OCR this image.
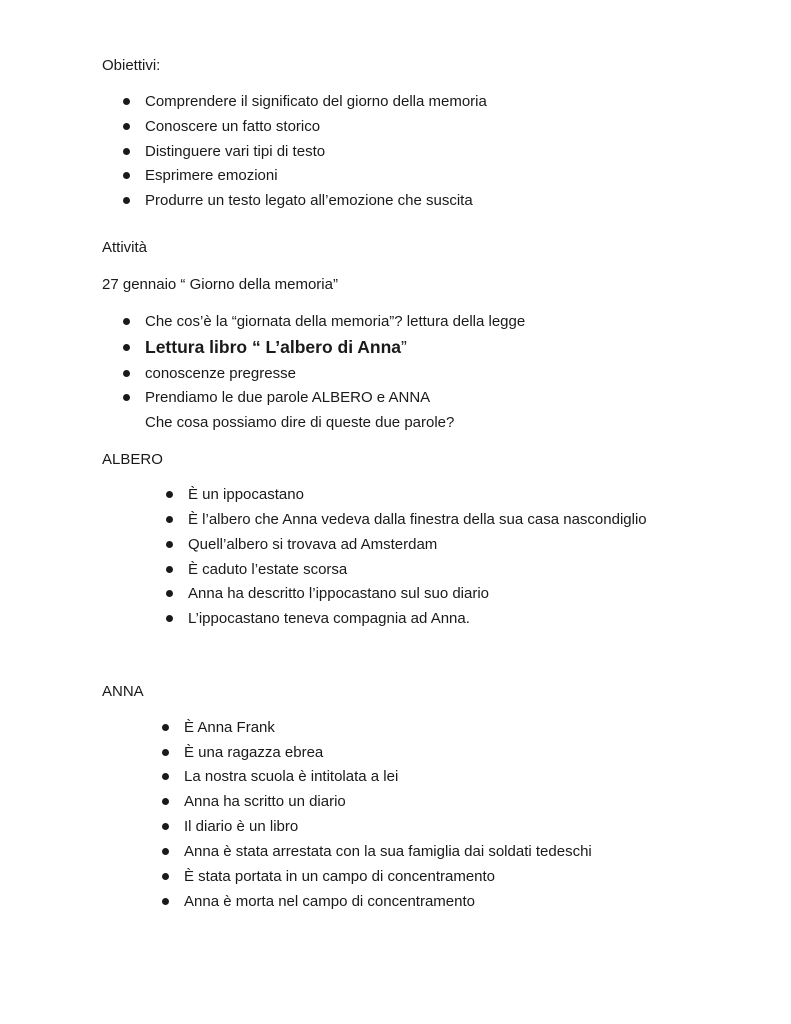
Obiettivi:
Comprendere il significato del giorno della memoria
Conoscere un fatto storico
Distinguere vari tipi di testo
Esprimere emozioni
Produrre un testo legato all’emozione che suscita
Attività
27 gennaio “ Giorno della memoria”
Che cos’è la “giornata della memoria”? lettura della legge
Lettura libro “ L’albero di Anna”
conoscenze pregresse
Prendiamo le due parole ALBERO e ANNA
Che cosa possiamo dire di queste due parole?
ALBERO
È un ippocastano
È l’albero che Anna vedeva dalla finestra della sua casa nascondiglio
Quell’albero si trovava ad Amsterdam
È caduto l’estate scorsa
Anna ha descritto l’ippocastano sul suo diario
L’ippocastano teneva compagnia ad Anna.
ANNA
È Anna Frank
È una ragazza ebrea
La nostra scuola è intitolata a lei
Anna ha scritto un diario
Il diario è un libro
Anna è stata arrestata con la sua famiglia dai soldati tedeschi
È stata portata in un campo di concentramento
Anna è morta nel campo di concentramento
